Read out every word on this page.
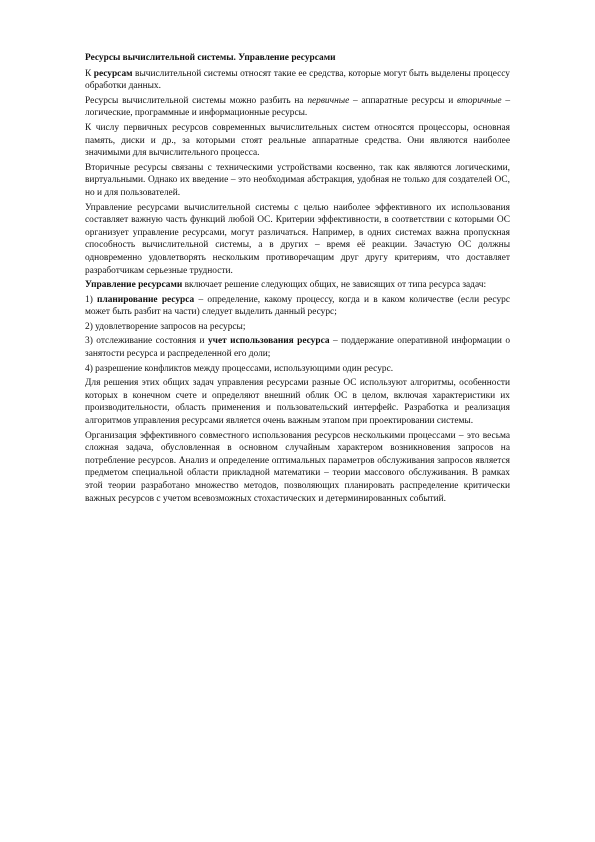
Ресурсы вычислительной системы. Управление ресурсами

К ресурсам вычислительной системы относят такие ее средства, которые могут быть выделены процессу обработки данных.

Ресурсы вычислительной системы можно разбить на первичные – аппаратные ресурсы и вторичные – логические, программные и информационные ресурсы.

К числу первичных ресурсов современных вычислительных систем относятся процессоры, основная память, диски и др., за которыми стоят реальные аппаратные средства. Они являются наиболее значимыми для вычислительного процесса.

Вторичные ресурсы связаны с техническими устройствами косвенно, так как являются логическими, виртуальными. Однако их введение – это необходимая абстракция, удобная не только для создателей ОС, но и для пользователей.

Управление ресурсами вычислительной системы с целью наиболее эффективного их использования составляет важную часть функций любой ОС. Критерии эффективности, в соответствии с которыми ОС организует управление ресурсами, могут различаться. Например, в одних системах важна пропускная способность вычислительной системы, а в других – время её реакции. Зачастую ОС должны одновременно удовлетворять нескольким противоречащим друг другу критериям, что доставляет разработчикам серьезные трудности.

Управление ресурсами включает решение следующих общих, не зависящих от типа ресурса задач:

1) планирование ресурса – определение, какому процессу, когда и в каком количестве (если ресурс может быть разбит на части) следует выделить данный ресурс;

2) удовлетворение запросов на ресурсы;

3) отслеживание состояния и учет использования ресурса – поддержание оперативной информации о занятости ресурса и распределенной его доли;

4) разрешение конфликтов между процессами, использующими один ресурс.

Для решения этих общих задач управления ресурсами разные ОС используют алгоритмы, особенности которых в конечном счете и определяют внешний облик ОС в целом, включая характеристики их производительности, область применения и пользовательский интерфейс. Разработка и реализация алгоритмов управления ресурсами является очень важным этапом при проектировании системы.

Организация эффективного совместного использования ресурсов несколькими процессами – это весьма сложная задача, обусловленная в основном случайным характером возникновения запросов на потребление ресурсов. Анализ и определение оптимальных параметров обслуживания запросов является предметом специальной области прикладной математики – теории массового обслуживания. В рамках этой теории разработано множество методов, позволяющих планировать распределение критически важных ресурсов с учетом всевозможных стохастических и детерминированных событий.
